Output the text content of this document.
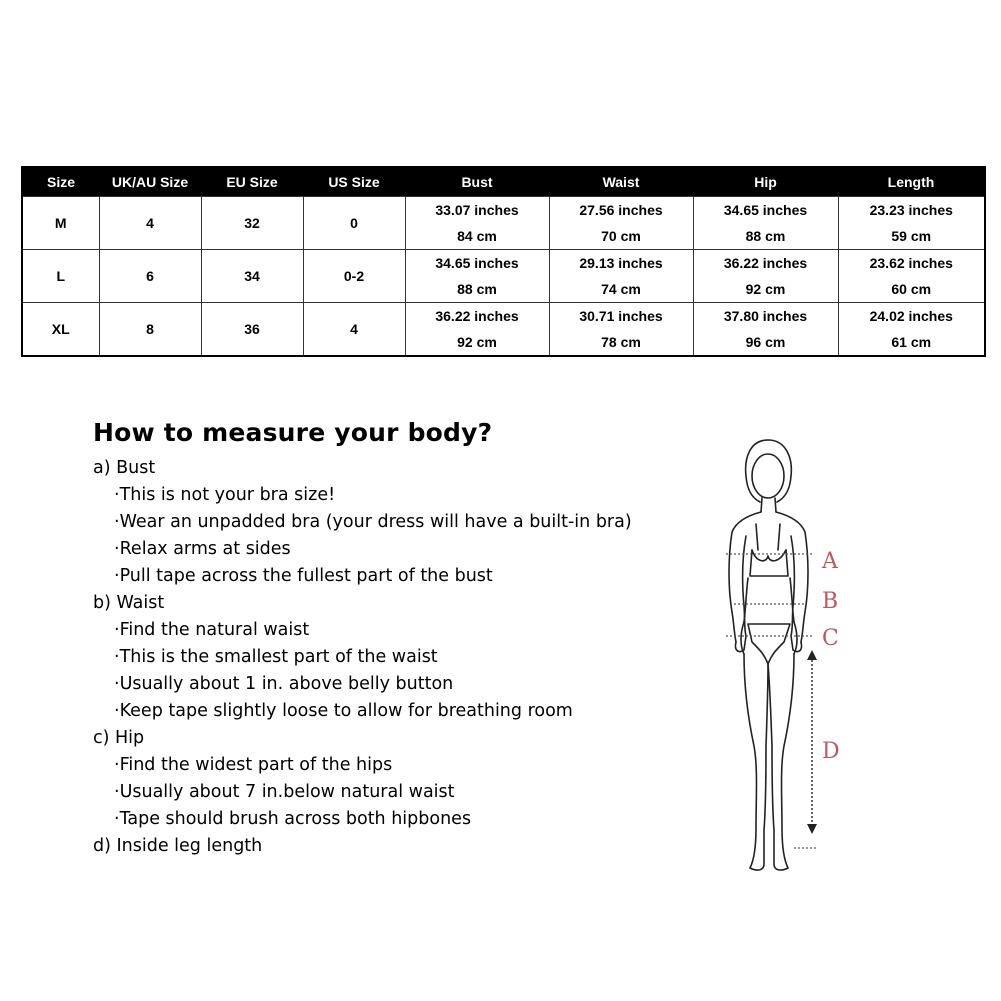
Size	UK/AU Size	EU Size	US Size	Bust	Waist	Hip	Length
M	4	32	0	33.07 inches	27.56 inches	34.65 inches	23.23 inches
				84 cm	70 cm	88 cm	59 cm
L	6	34	0-2	34.65 inches	29.13 inches	36.22 inches	23.62 inches
				88 cm	74 cm	92 cm	60 cm
XL	8	36	4	36.22 inches	30.71 inches	37.80 inches	24.02 inches
				92 cm	78 cm	96 cm	61 cm
How to measure your body?
a) Bust
·This is not your bra size!
·Wear an unpadded bra (your dress will have a built-in bra)
·Relax arms at sides
·Pull tape across the fullest part of the bust
b) Waist
·Find the natural waist
·This is the smallest part of the waist
·Usually about 1 in. above belly button
·Keep tape slightly loose to allow for breathing room
c) Hip
·Find the widest part of the hips
·Usually about 7 in.below natural waist
·Tape should brush across both hipbones
d) Inside leg length
A
B
C
D
